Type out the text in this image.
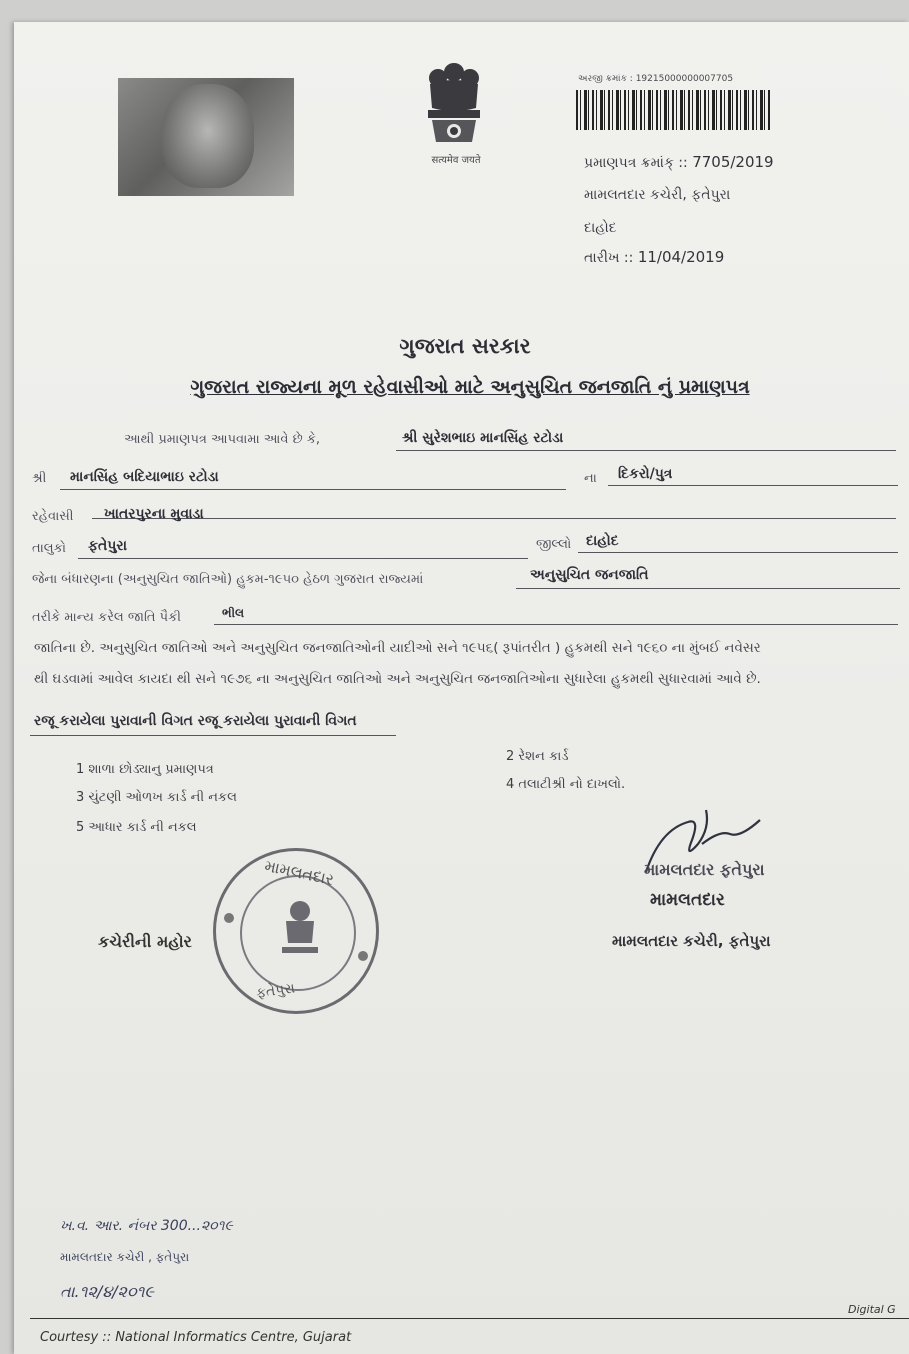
सत्यमेव जयते
અરજી ક્રમાંક : 19215000000007705
પ્રમાણપત્ર ક્રમાંક્ :: 7705/2019
મામલતદાર કચેરી, ફતેપુરા
દાહોદ
તારીખ :: 11/04/2019
ગુજરાત સરકાર
ગુજરાત રાજ્યના મૂળ રહેવાસીઓ માટે અનુસુચિત જનજાતિ નું પ્રમાણપત્ર
આથી પ્રમાણપત્ર આપવામા આવે છે કે,	શ્રી સુરેશભાઇ માનસિંહ રટોડા
શ્રી માનસિંહ બદિયાભાઇ રટોડા	ના દિકરો/પુત્ર
રહેવાસી ખાતરપુરના મુવાડા
તાલુકો ફતેપુરા	જીલ્લો દાહોદ
જેના બંધારણના (અનુસુચિત જાતિઓ) હુકમ-૧૯૫૦ હેઠળ ગુજરાત રાજ્યમાં	અનુસુચિત જનજાતિ
તરીકે માન્ય કરેલ જાતિ પૈકી	ભીલ
જાતિના છે. અનુસુચિત જાતિઓ અને અનુસુચિત જનજાતિઓની યાદીઓ સને ૧૯૫૬( રૂપાંતરીત ) હુકમથી સને ૧૯૬૦ ના મુંબઈ નવેસર
થી ઘડવામાં આવેલ કાયદા થી સને ૧૯૭૬ ના અનુસુચિત જાતિઓ અને અનુસુચિત જનજાતિઓના સુધારેલા હુકમથી સુધારવામાં આવે છે.
રજૂ કરાયેલા પુરાવાની વિગત રજૂ કરાયેલા પુરાવાની વિગત
1 શાળા છોડ્યાનુ પ્રમાણપત્ર
2 રેશન કાર્ડ
3 ચુંટણી ઓળખ કાર્ડ ની નકલ
4 તલાટીશ્રી નો દાખલો.
5 આધાર કાર્ડ ની નકલ
કચેરીની મહોર
મામલતદાર
ફતેપુરા
મામલતદાર ફતેપુરા
મામલતદાર
મામલતદાર કચેરી, ફતેપુરા
ખ.વ. આર. નંબર 300...૨૦૧૯
મામલતદાર કચેરી , ફતેપુરા
તા.૧૨/૪/૨૦૧૯
Courtesy :: National Informatics Centre, Gujarat
Digital G
